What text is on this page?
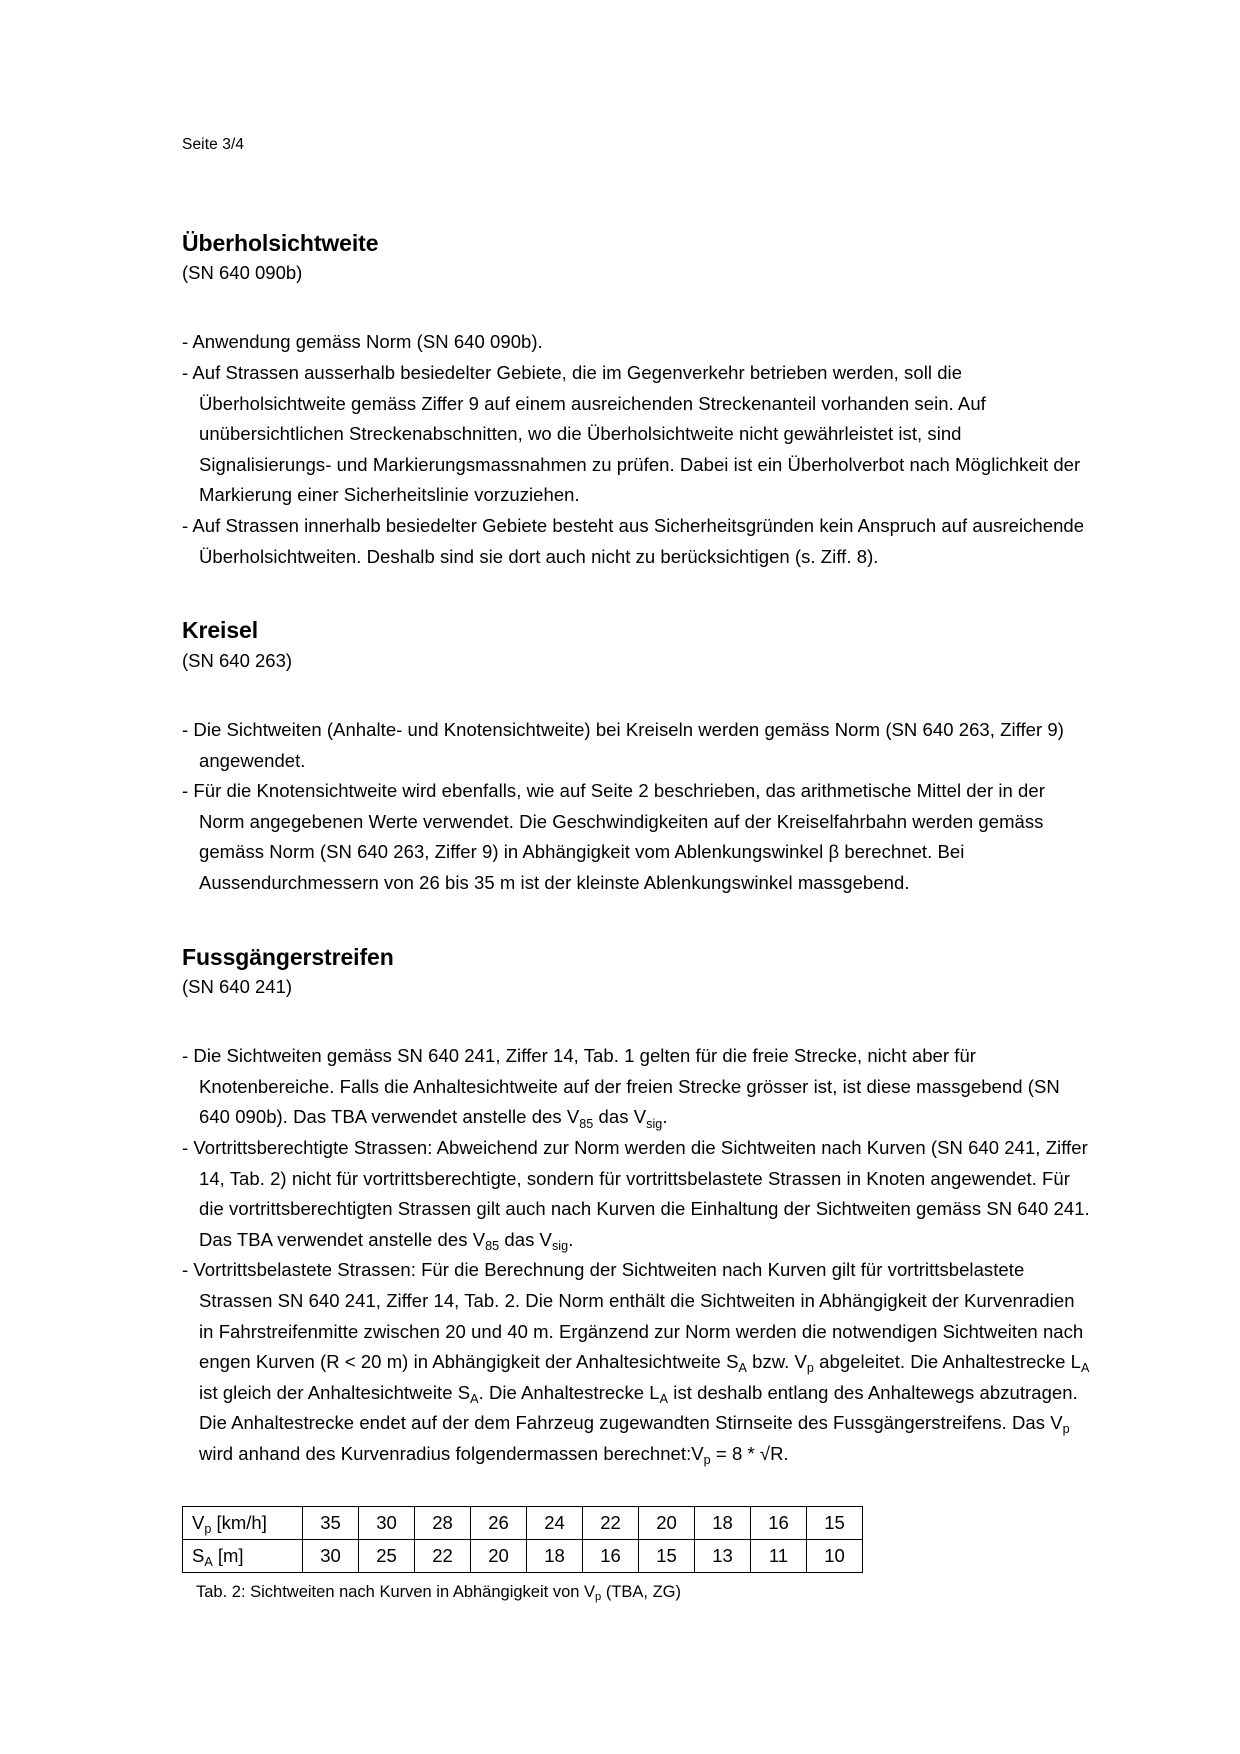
Seite 3/4
Überholsichtweite
(SN 640 090b)
- Anwendung gemäss Norm (SN 640 090b).
- Auf Strassen ausserhalb besiedelter Gebiete, die im Gegenverkehr betrieben werden, soll die Überholsichtweite gemäss Ziffer 9 auf einem ausreichenden Streckenanteil vorhanden sein. Auf unübersichtlichen Streckenabschnitten, wo die Überholsichtweite nicht gewährleistet ist, sind Signalisierungs- und Markierungsmassnahmen zu prüfen. Dabei ist ein Überholverbot nach Möglichkeit der Markierung einer Sicherheitslinie vorzuziehen.
- Auf Strassen innerhalb besiedelter Gebiete besteht aus Sicherheitsgründen kein Anspruch auf ausreichende Überholsichtweiten. Deshalb sind sie dort auch nicht zu berücksichtigen (s. Ziff. 8).
Kreisel
(SN 640 263)
- Die Sichtweiten (Anhalte- und Knotensichtweite) bei Kreiseln werden gemäss Norm (SN 640 263, Ziffer 9) angewendet.
- Für die Knotensichtweite wird ebenfalls, wie auf Seite 2 beschrieben, das arithmetische Mittel der in der Norm angegebenen Werte verwendet. Die Geschwindigkeiten auf der Kreiselfahrbahn werden gemäss gemäss Norm (SN 640 263, Ziffer 9) in Abhängigkeit vom Ablenkungswinkel β berechnet. Bei Aussendurchmessern von 26 bis 35 m ist der kleinste Ablenkungswinkel massgebend.
Fussgängerstreifen
(SN 640 241)
- Die Sichtweiten gemäss SN 640 241, Ziffer 14, Tab. 1 gelten für die freie Strecke, nicht aber für Knotenbereiche. Falls die Anhaltesichtweite auf der freien Strecke grösser ist, ist diese massgebend (SN 640 090b). Das TBA verwendet anstelle des $V_{85}$ das $V_{sig}$.
- Vortrittsberechtigte Strassen: Abweichend zur Norm werden die Sichtweiten nach Kurven (SN 640 241, Ziffer 14, Tab. 2) nicht für vortrittsberechtigte, sondern für vortrittsbelastete Strassen in Knoten angewendet. Für die vortrittsberechtigten Strassen gilt auch nach Kurven die Einhaltung der Sichtweiten gemäss SN 640 241. Das TBA verwendet anstelle des $V_{85}$ das $V_{sig}$.
- Vortrittsbelastete Strassen: Für die Berechnung der Sichtweiten nach Kurven gilt für vortrittsbelastete Strassen SN 640 241, Ziffer 14, Tab. 2. Die Norm enthält die Sichtweiten in Abhängigkeit der Kurvenradien in Fahrstreifenmitte zwischen 20 und 40 m. Ergänzend zur Norm werden die notwendigen Sichtweiten nach engen Kurven (R < 20 m) in Abhängigkeit der Anhaltesichtweite $S_A$ bzw. $V_p$ abgeleitet. Die Anhaltestrecke $L_A$ ist gleich der Anhaltesichtweite $S_A$. Die Anhaltestrecke $L_A$ ist deshalb entlang des Anhaltewegs abzutragen. Die Anhaltestrecke endet auf der dem Fahrzeug zugewandten Stirnseite des Fussgängerstreifens. Das $V_p$ wird anhand des Kurvenradius folgendermassen $berechnet:V_p = 8 * √R$.
$V_p$ [km/h]	35	30	28	26	24	22	20	18	16	15
$S_A$ [m]	30	25	22	20	18	16	15	13	11	10
Tab. 2: Sichtweiten nach Kurven in Abhängigkeit von $V_p$ (TBA, ZG)
